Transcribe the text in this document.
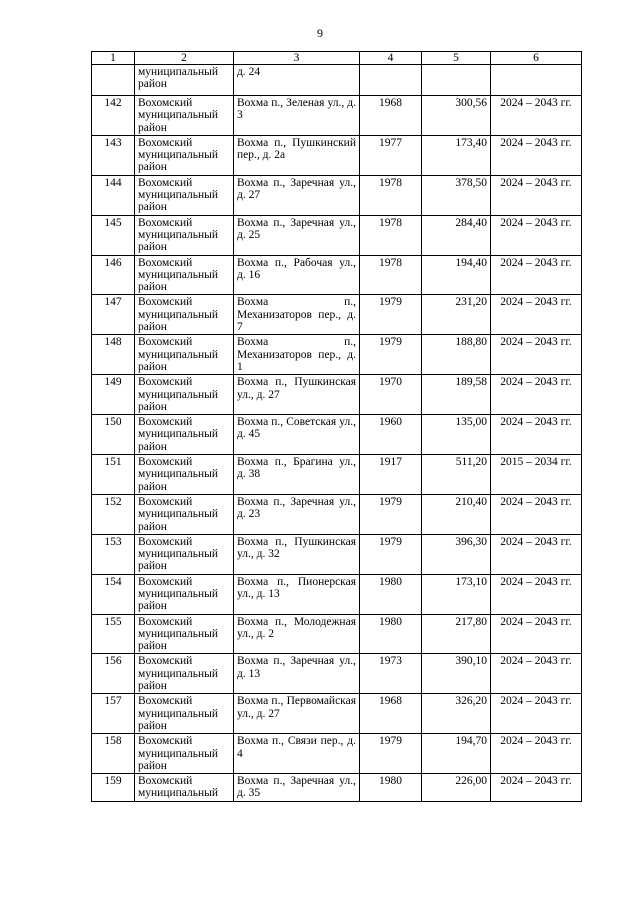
9
1	2	3	4	5	6
	муниципальный
район	д. 24			
142	Вохомский
муниципальный
район	Вохма п., Зеленая ул., д. 3	1968	300,56	2024 – 2043 гг.
143	Вохомский
муниципальный
район	Вохма п., Пушкинский пер., д. 2а	1977	173,40	2024 – 2043 гг.
144	Вохомский
муниципальный
район	Вохма п., Заречная ул., д. 27	1978	378,50	2024 – 2043 гг.
145	Вохомский
муниципальный
район	Вохма п., Заречная ул., д. 25	1978	284,40	2024 – 2043 гг.
146	Вохомский
муниципальный
район	Вохма п., Рабочая ул., д. 16	1978	194,40	2024 – 2043 гг.
147	Вохомский
муниципальный
район	Вохма п., Механизаторов пер., д. 7	1979	231,20	2024 – 2043 гг.
148	Вохомский
муниципальный
район	Вохма п., Механизаторов пер., д. 1	1979	188,80	2024 – 2043 гг.
149	Вохомский
муниципальный
район	Вохма п., Пушкинская ул., д. 27	1970	189,58	2024 – 2043 гг.
150	Вохомский
муниципальный
район	Вохма п., Советская ул., д. 45	1960	135,00	2024 – 2043 гг.
151	Вохомский
муниципальный
район	Вохма п., Брагина ул., д. 38	1917	511,20	2015 – 2034 гг.
152	Вохомский
муниципальный
район	Вохма п., Заречная ул., д. 23	1979	210,40	2024 – 2043 гг.
153	Вохомский
муниципальный
район	Вохма п., Пушкинская ул., д. 32	1979	396,30	2024 – 2043 гг.
154	Вохомский
муниципальный
район	Вохма п., Пионерская ул., д. 13	1980	173,10	2024 – 2043 гг.
155	Вохомский
муниципальный
район	Вохма п., Молодежная ул., д. 2	1980	217,80	2024 – 2043 гг.
156	Вохомский
муниципальный
район	Вохма п., Заречная ул., д. 13	1973	390,10	2024 – 2043 гг.
157	Вохомский
муниципальный
район	Вохма п., Первомайская ул., д. 27	1968	326,20	2024 – 2043 гг.
158	Вохомский
муниципальный
район	Вохма п., Связи пер., д. 4	1979	194,70	2024 – 2043 гг.
159	Вохомский
муниципальный	Вохма п., Заречная ул., д. 35	1980	226,00	2024 – 2043 гг.
